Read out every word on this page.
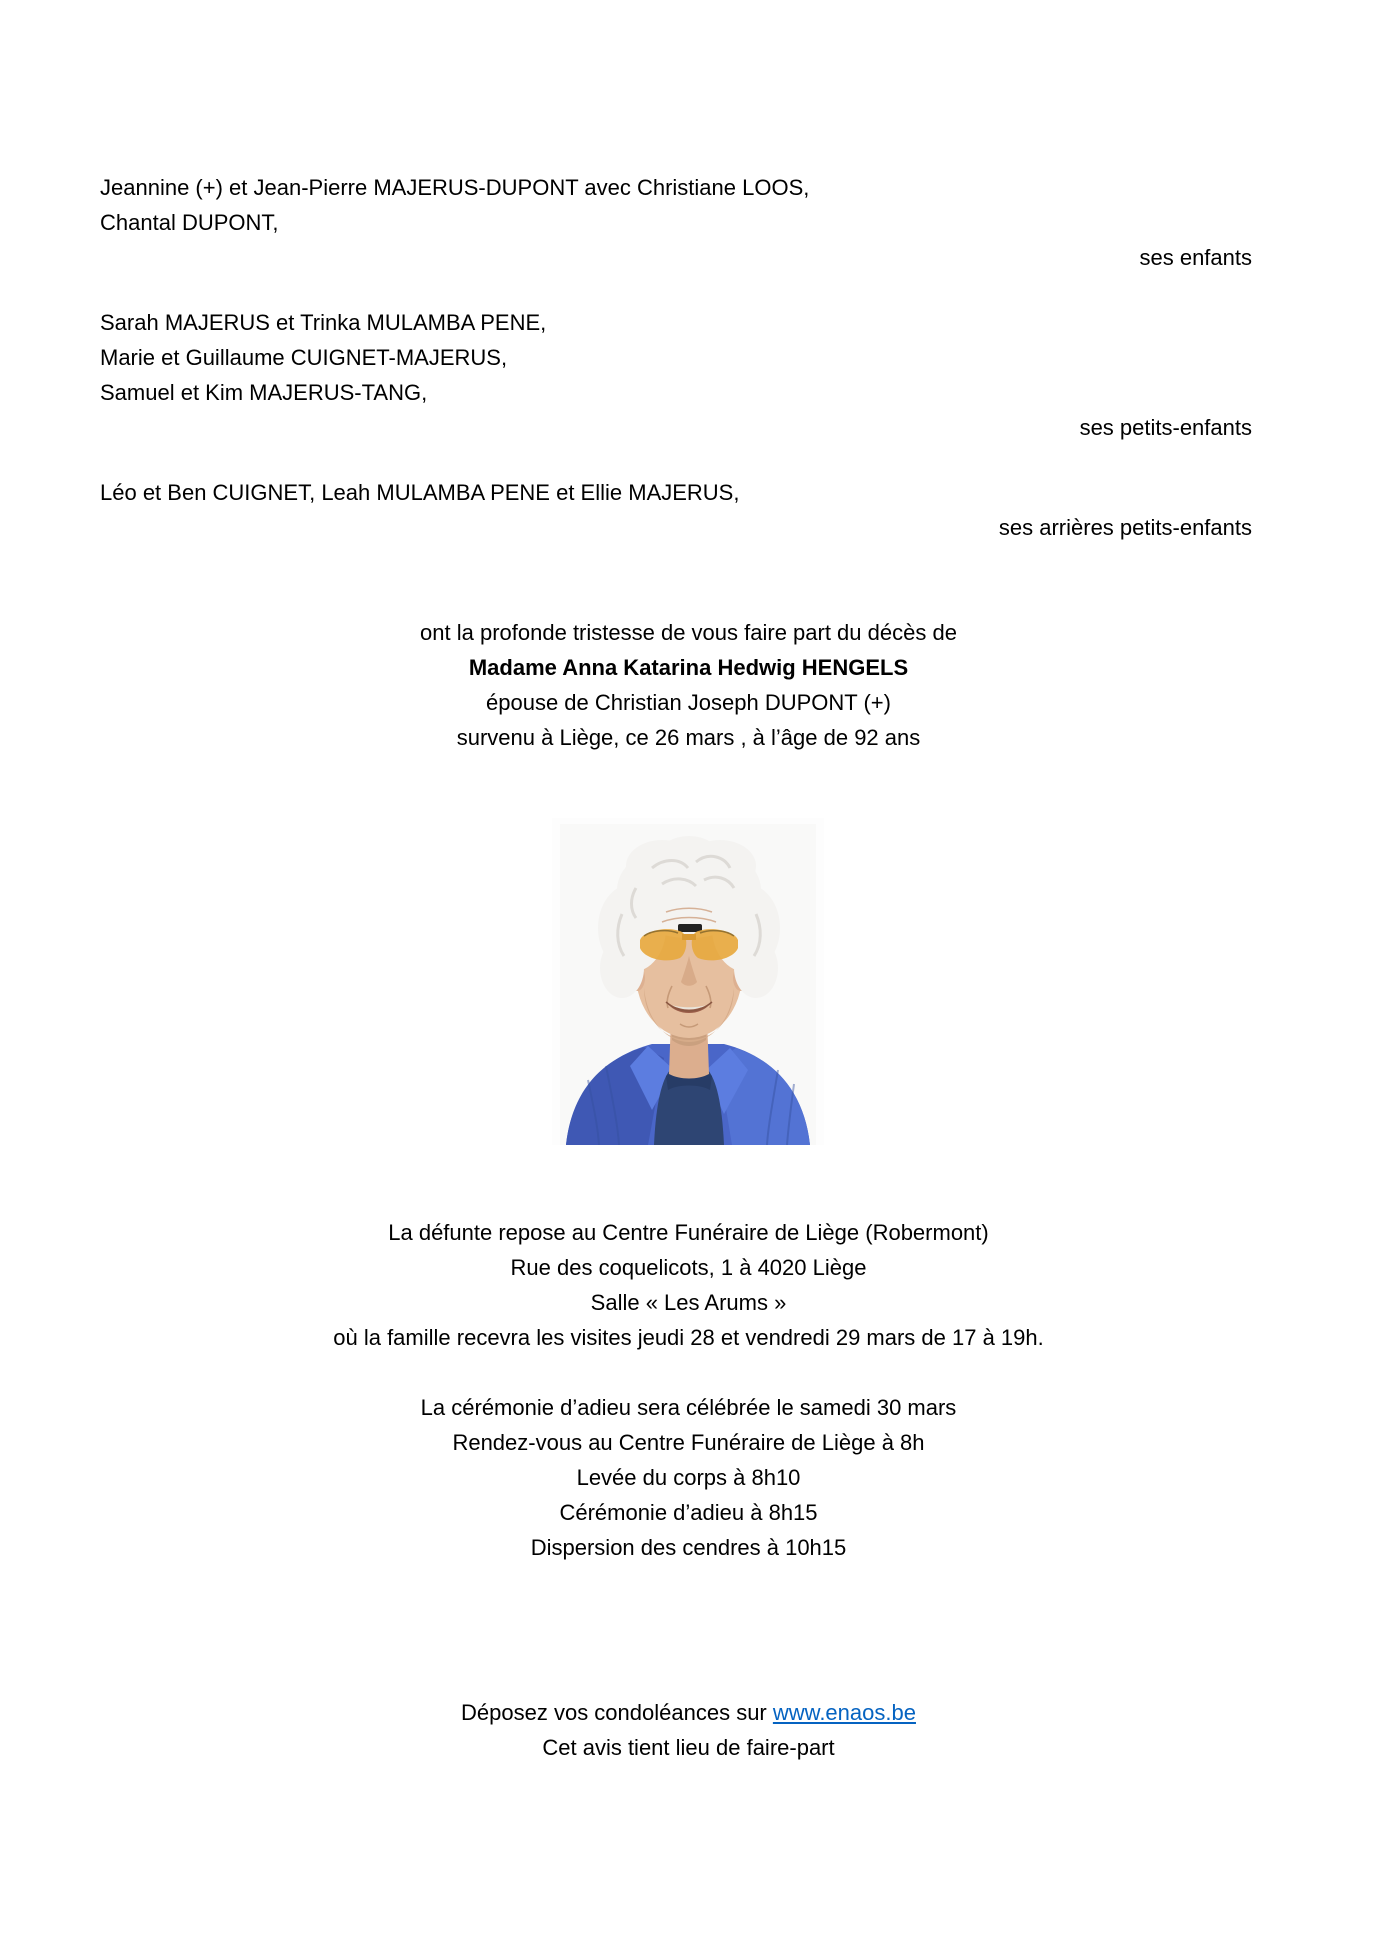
Jeannine (+) et Jean-Pierre MAJERUS-DUPONT avec Christiane LOOS,
Chantal DUPONT,
ses enfants
Sarah MAJERUS et Trinka MULAMBA PENE,
Marie et Guillaume CUIGNET-MAJERUS,
Samuel et Kim MAJERUS-TANG,
ses petits-enfants
Léo et Ben CUIGNET, Leah MULAMBA PENE et Ellie MAJERUS,
ses arrières petits-enfants
ont la profonde tristesse de vous faire part du décès de
Madame Anna Katarina Hedwig HENGELS
épouse de Christian Joseph DUPONT (+)
survenu à Liège, ce 26 mars , à l’âge de 92 ans
La défunte repose au Centre Funéraire de Liège (Robermont)
Rue des coquelicots, 1 à 4020 Liège
Salle « Les Arums »
où la famille recevra les visites jeudi 28 et vendredi 29 mars de 17 à 19h.
La cérémonie d’adieu sera célébrée le samedi 30 mars
Rendez-vous au Centre Funéraire de Liège à 8h
Levée du corps à 8h10
Cérémonie d’adieu à 8h15
Dispersion des cendres à 10h15
Déposez vos condoléances sur www.enaos.be
Cet avis tient lieu de faire-part
